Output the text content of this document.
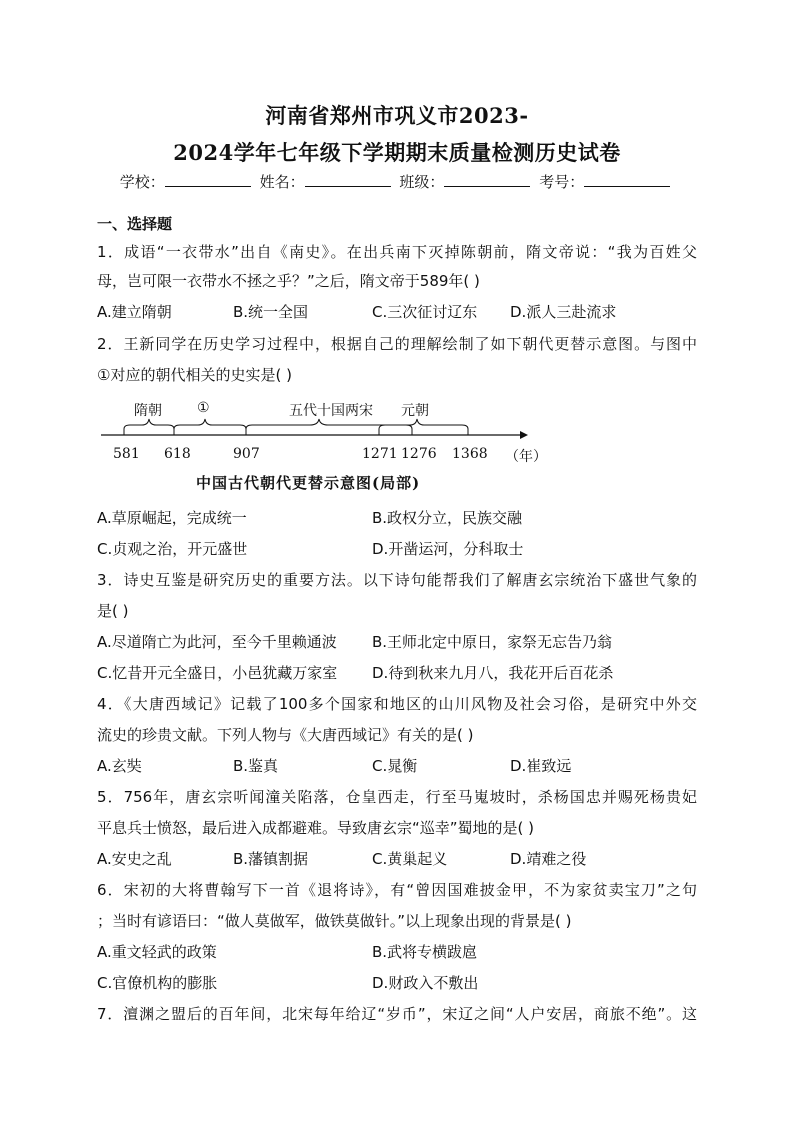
河南省郑州市巩义市2023-
2024学年七年级下学期期末质量检测历史试卷
学校：	姓名：	班级：	考号：
一、选择题
1．成语“一衣带水”出自《南史》。在出兵南下灭掉陈朝前，隋文帝说：“我为百姓父
母，岂可限一衣带水不拯之乎？”之后，隋文帝于589年( )
A.建立隋朝	B.统一全国	C.三次征讨辽东 D.派人三赴流求
2．王新同学在历史学习过程中，根据自己的理解绘制了如下朝代更替示意图。与图中
①对应的朝代相关的史实是( )
隋朝	①	五代十国两宋 元朝
581 618	907	1271 1276 1368 （年）
中国古代朝代更替示意图(局部)
A.草原崛起，完成统一	B.政权分立，民族交融
C.贞观之治，开元盛世	D.开凿运河，分科取士
3．诗史互鉴是研究历史的重要方法。以下诗句能帮我们了解唐玄宗统治下盛世气象的
是( )
A.尽道隋亡为此河，至今千里赖通波 B.王师北定中原日，家祭无忘告乃翁
C.忆昔开元全盛日，小邑犹藏万家室 D.待到秋来九月八，我花开后百花杀
4．《大唐西域记》记载了100多个国家和地区的山川风物及社会习俗，是研究中外交
流史的珍贵文献。下列人物与《大唐西域记》有关的是( )
A.玄奘	B.鉴真	C.晁衡	D.崔致远
5．756年，唐玄宗听闻潼关陷落，仓皇西走，行至马嵬坡时，杀杨国忠并赐死杨贵妃
平息兵士愤怒，最后进入成都避难。导致唐玄宗“巡幸”蜀地的是( )
A.安史之乱	B.藩镇割据	C.黄巢起义	D.靖难之役
6．宋初的大将曹翰写下一首《退将诗》，有“曾因国难披金甲，不为家贫卖宝刀”之句
；当时有谚语曰：“做人莫做军，做铁莫做针。”以上现象出现的背景是( )
A.重文轻武的政策	B.武将专横跋扈
C.官僚机构的膨胀	D.财政入不敷出
7．澶渊之盟后的百年间，北宋每年给辽“岁币”，宋辽之间“人户安居，商旅不绝”。这
